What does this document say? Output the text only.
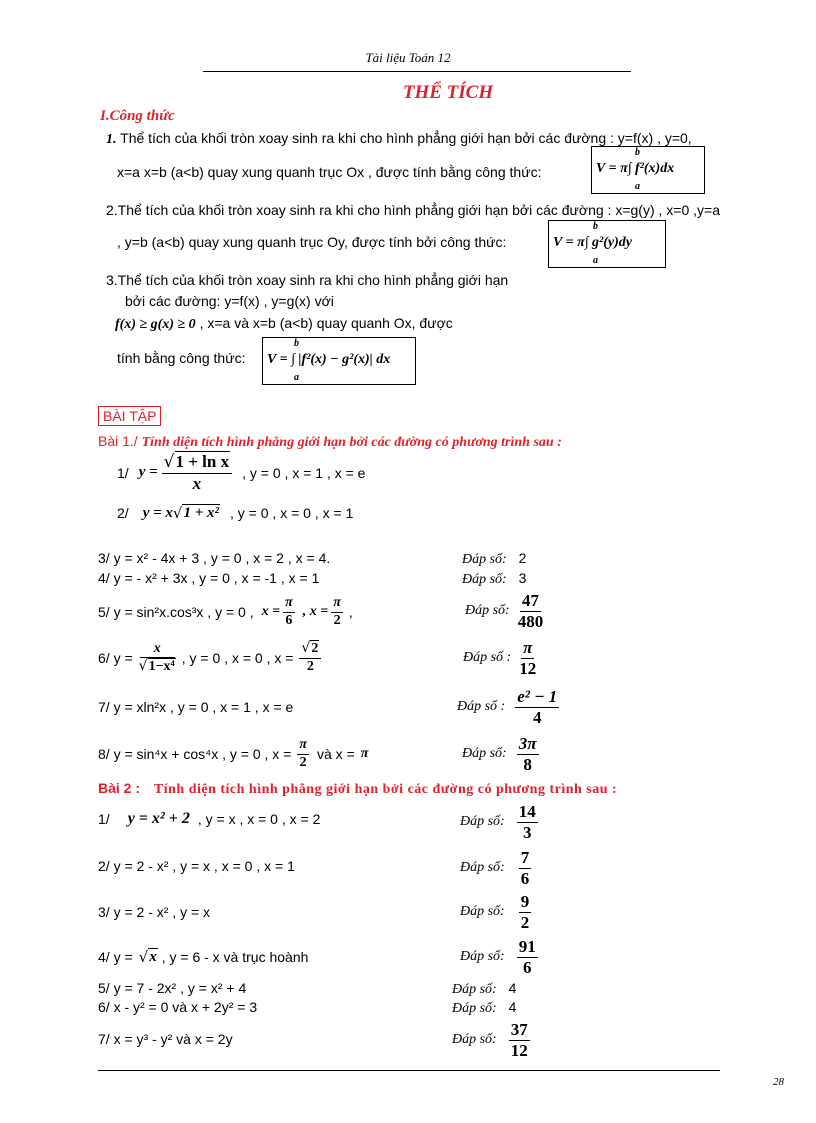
Tài liệu Toán 12
THỂ TÍCH
I.Công thức
1. Thể tích của khối tròn xoay sinh ra khi cho hình phẳng giới hạn bởi các đường : y=f(x) , y=0,
x=a x=b (a<b) quay xung quanh trục Ox , được tính bằng công thức:	V = π∫ f²(x)dx
b
a
2.Thể tích của khối tròn xoay sinh ra khi cho hình phẳng giới hạn bởi các đường : x=g(y) , x=0 ,y=a
, y=b (a<b) quay xung quanh trục Oy, được tính bởi công thức:	V = π∫ g²(y)dy
b
a
3.Thể tích của khối tròn xoay sinh ra khi cho hình phẳng giới hạn
bởi các đường: y=f(x) , y=g(x) với
f(x) ≥ g(x) ≥ 0 , x=a và x=b (a<b) quay quanh Ox, được
tính bằng công thức: V = ∫ |f²(x) − g²(x)| dx
b
a
BÀI TẬP
Bài 1./ Tính diện tích hình phẳng giới hạn bởi các đường có phương trình sau :
1/ $y = \frac{\text{√1 + ln x}}{x}$ , y = 0 , x = 1 , x = e
2/ y = x √ 1 + x² , y = 0 , x = 0 , x = 1
3/ y = x² - 4x + 3 , y = 0 , x = 2 , x = 4.	Đáp số: 2
4/ y = - x² + 3x , y = 0 , x = -1 , x = 1	Đáp số: 3
5/ y = sin²x.cos³x , y = 0 , $x = \frac{\pi}{6}$ , $x = \frac{\pi}{2}$ ,	Đáp số: $\frac{47}{480}$
6/ $y = \frac{x}{\text{√1−x⁴}}$ , y = 0 , x = 0 , $x = \frac{√2}{2}$	Đáp số : $\frac{\pi}{12}$
7/ y = xln²x , y = 0 , x = 1 , x = e	Đáp số : $\frac{\text{e² − 1}}{4}$
8/ y = sin⁴x + cos⁴x , y = 0 , $x = \frac{\pi}{2}$ và x = π	Đáp số: $\frac{3\pi}{8}$
Bài 2 : Tính diện tích hình phẳng giới hạn bởi các đường có phương trình sau :
1/ y = x² + 2 , y = x , x = 0 , x = 2	Đáp số: $\frac{14}{3}$
2/ y = 2 - x² , y = x , x = 0 , x = 1	Đáp số: $\frac{7}{6}$
3/ y = 2 - x² , y = x	Đáp số: $\frac{9}{2}$
4/ y = √ x , y = 6 - x và trục hoành	Đáp số: $\frac{91}{6}$
5/ y = 7 - 2x² , y = x² + 4	Đáp số: 4
6/ x - y² = 0 và x + 2y² = 3	Đáp số: 4
7/ x = y³ - y² và x = 2y	Đáp số: $\frac{37}{12}$
28
